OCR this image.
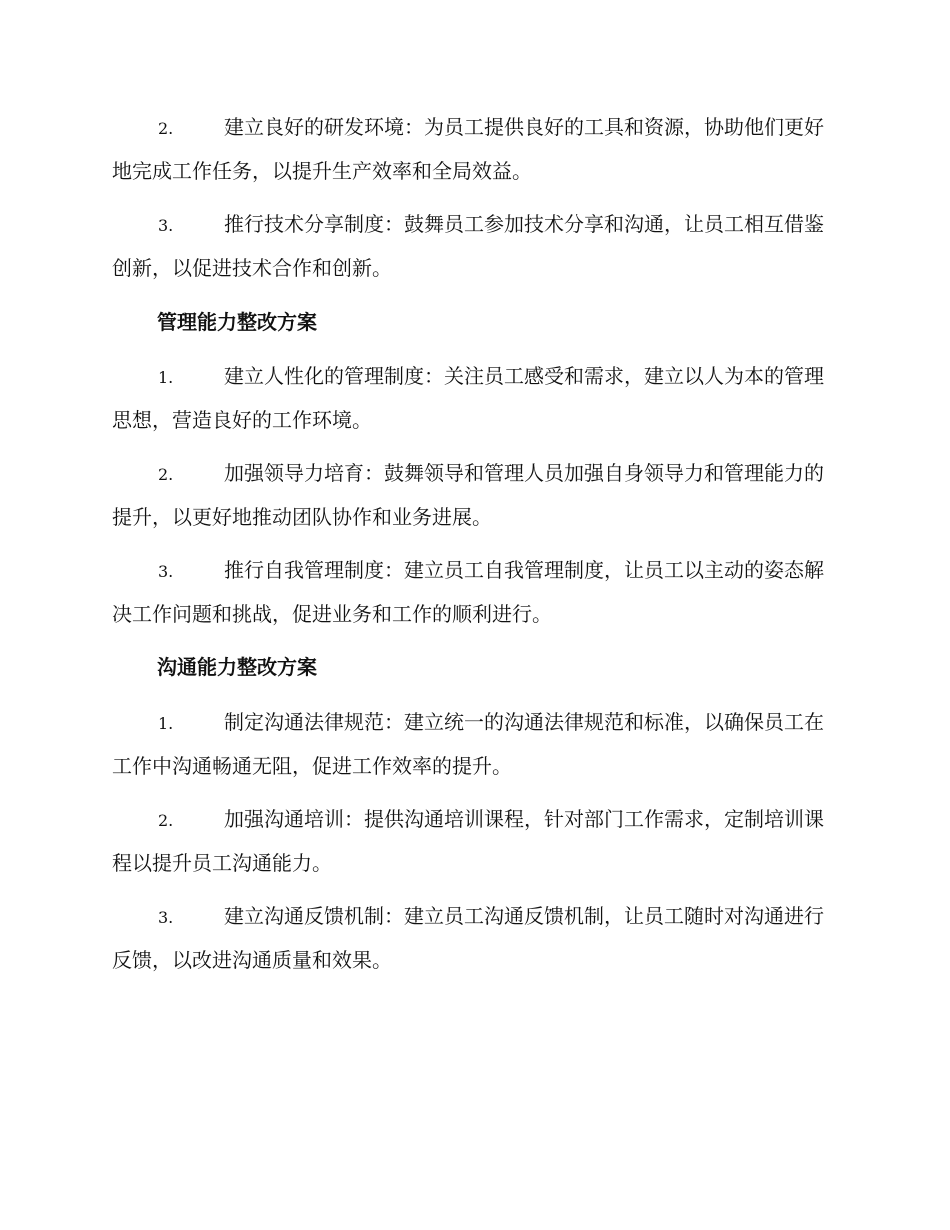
2.	建立良好的研发环境：为员工提供良好的工具和资源，协助他们更好地完成工作任务，以提升生产效率和全局效益。
3.	推行技术分享制度：鼓舞员工参加技术分享和沟通，让员工相互借鉴创新，以促进技术合作和创新。
管理能力整改方案
1.	建立人性化的管理制度：关注员工感受和需求，建立以人为本的管理思想，营造良好的工作环境。
2.	加强领导力培育：鼓舞领导和管理人员加强自身领导力和管理能力的提升，以更好地推动团队协作和业务进展。
3.	推行自我管理制度：建立员工自我管理制度，让员工以主动的姿态解决工作问题和挑战，促进业务和工作的顺利进行。
沟通能力整改方案
1.	制定沟通法律规范：建立统一的沟通法律规范和标准，以确保员工在工作中沟通畅通无阻，促进工作效率的提升。
2.	加强沟通培训：提供沟通培训课程，针对部门工作需求，定制培训课程以提升员工沟通能力。
3.	建立沟通反馈机制：建立员工沟通反馈机制，让员工随时对沟通进行反馈，以改进沟通质量和效果。
